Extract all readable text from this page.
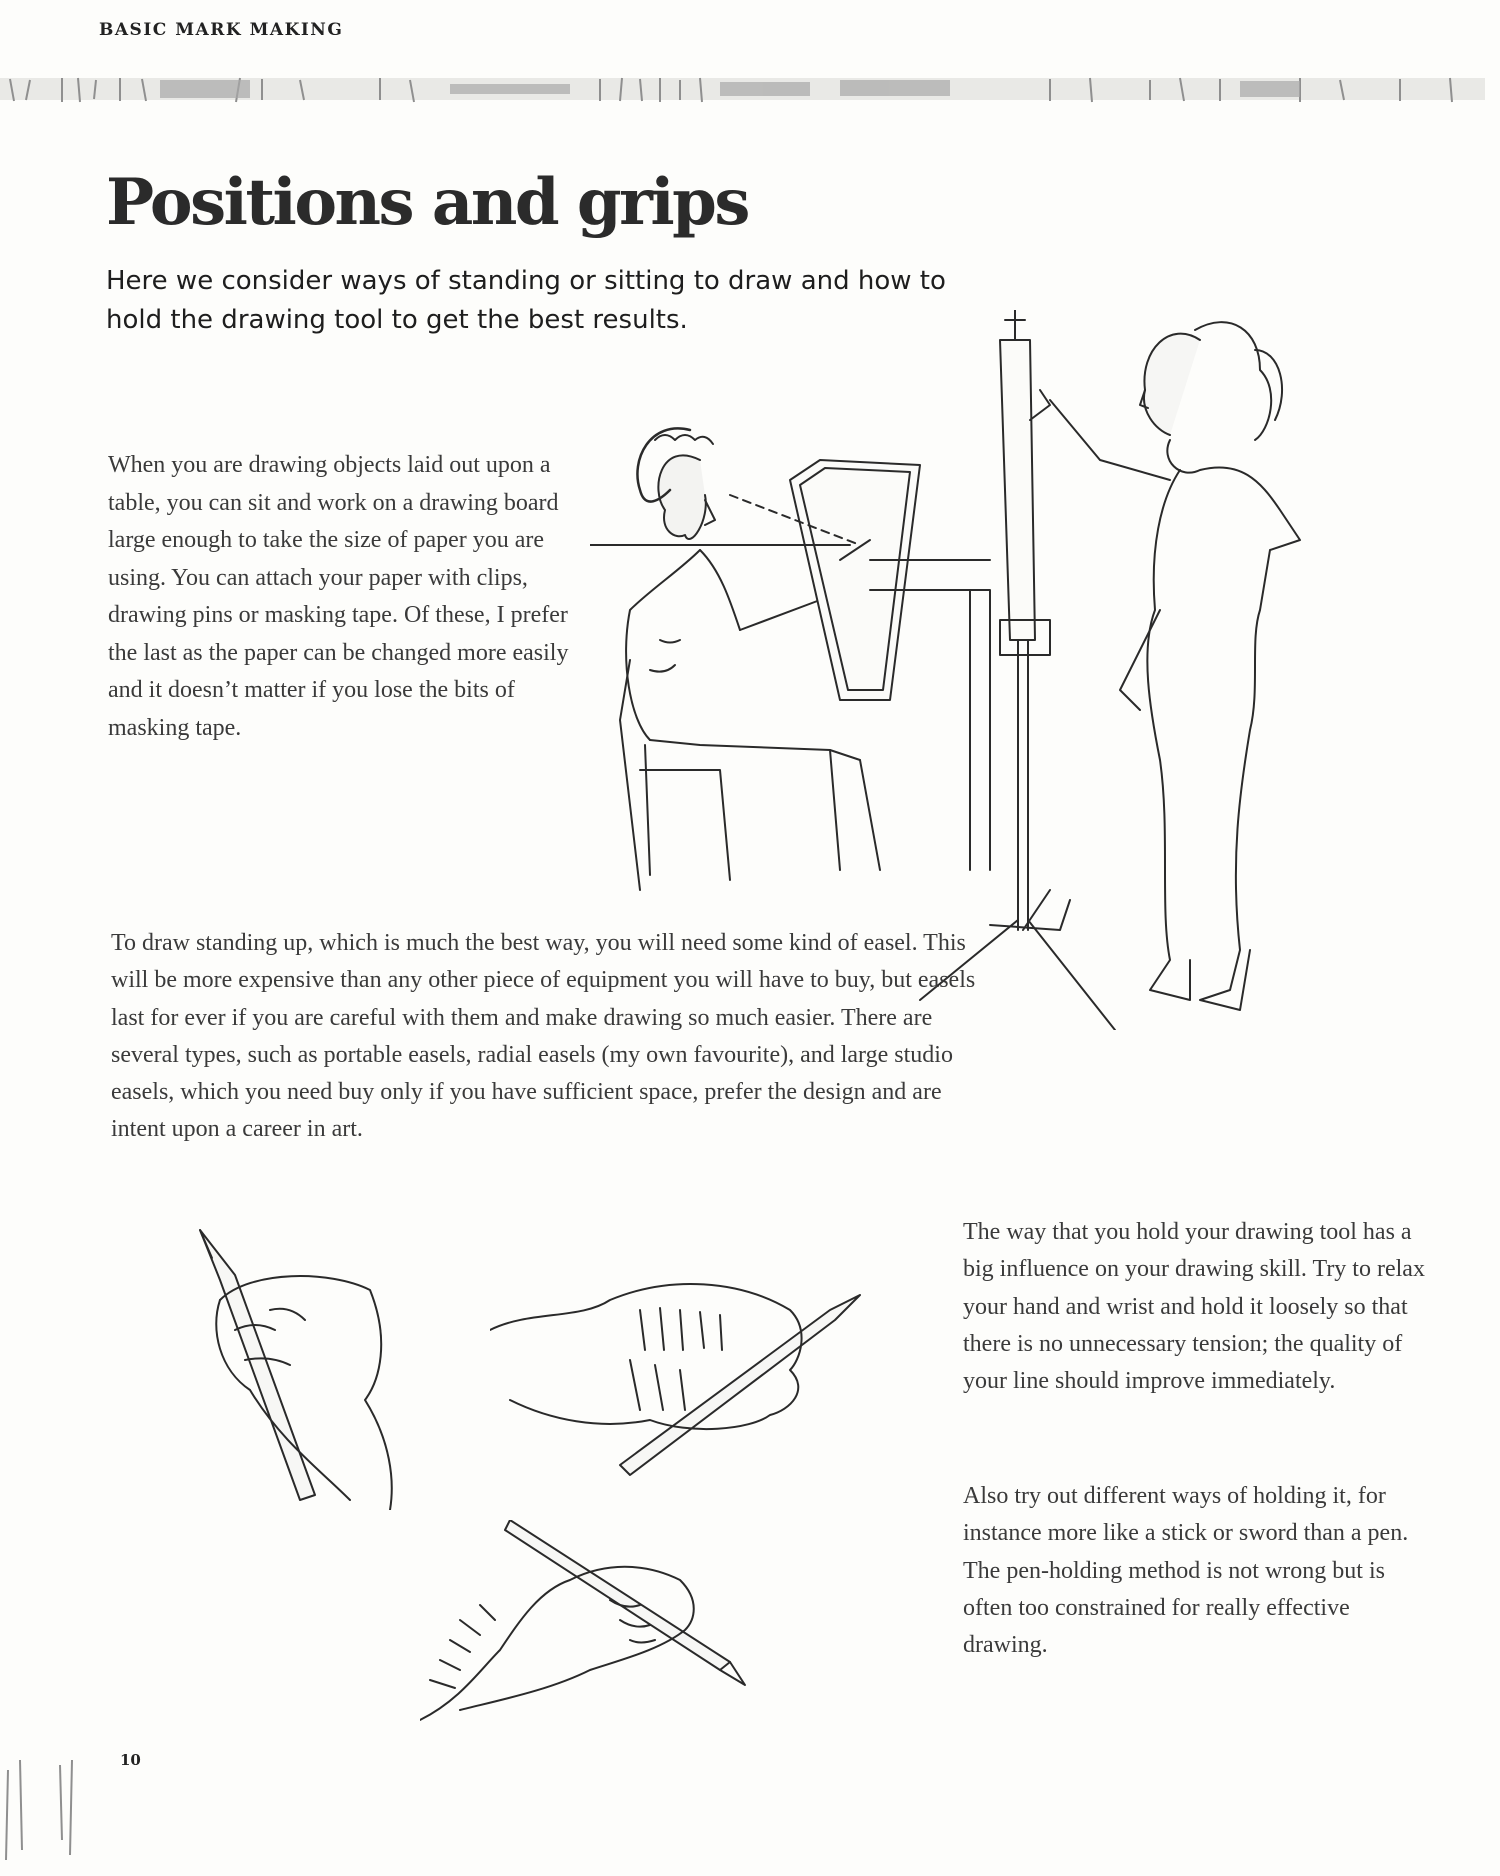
BASIC MARK MAKING
Positions and grips

Here we consider ways of standing or sitting to draw and how to hold the drawing tool to get the best results.

When you are drawing objects laid out upon a table, you can sit and work on a drawing board large enough to take the size of paper you are using. You can attach your paper with clips, drawing pins or masking tape. Of these, I prefer the last as the paper can be changed more easily and it doesn’t matter if you lose the bits of masking tape.

To draw standing up, which is much the best way, you will need some kind of easel. This will be more expensive than any other piece of equipment you will have to buy, but easels last for ever if you are careful with them and make drawing so much easier. There are several types, such as portable easels, radial easels (my own favourite), and large studio easels, which you need buy only if you have sufficient space, prefer the design and are intent upon a career in art.

The way that you hold your drawing tool has a big influence on your drawing skill. Try to relax your hand and wrist and hold it loosely so that there is no unnecessary tension; the quality of your line should improve immediately.

Also try out different ways of holding it, for instance more like a stick or sword than a pen. The pen-holding method is not wrong but is often too constrained for really effective drawing.

10
